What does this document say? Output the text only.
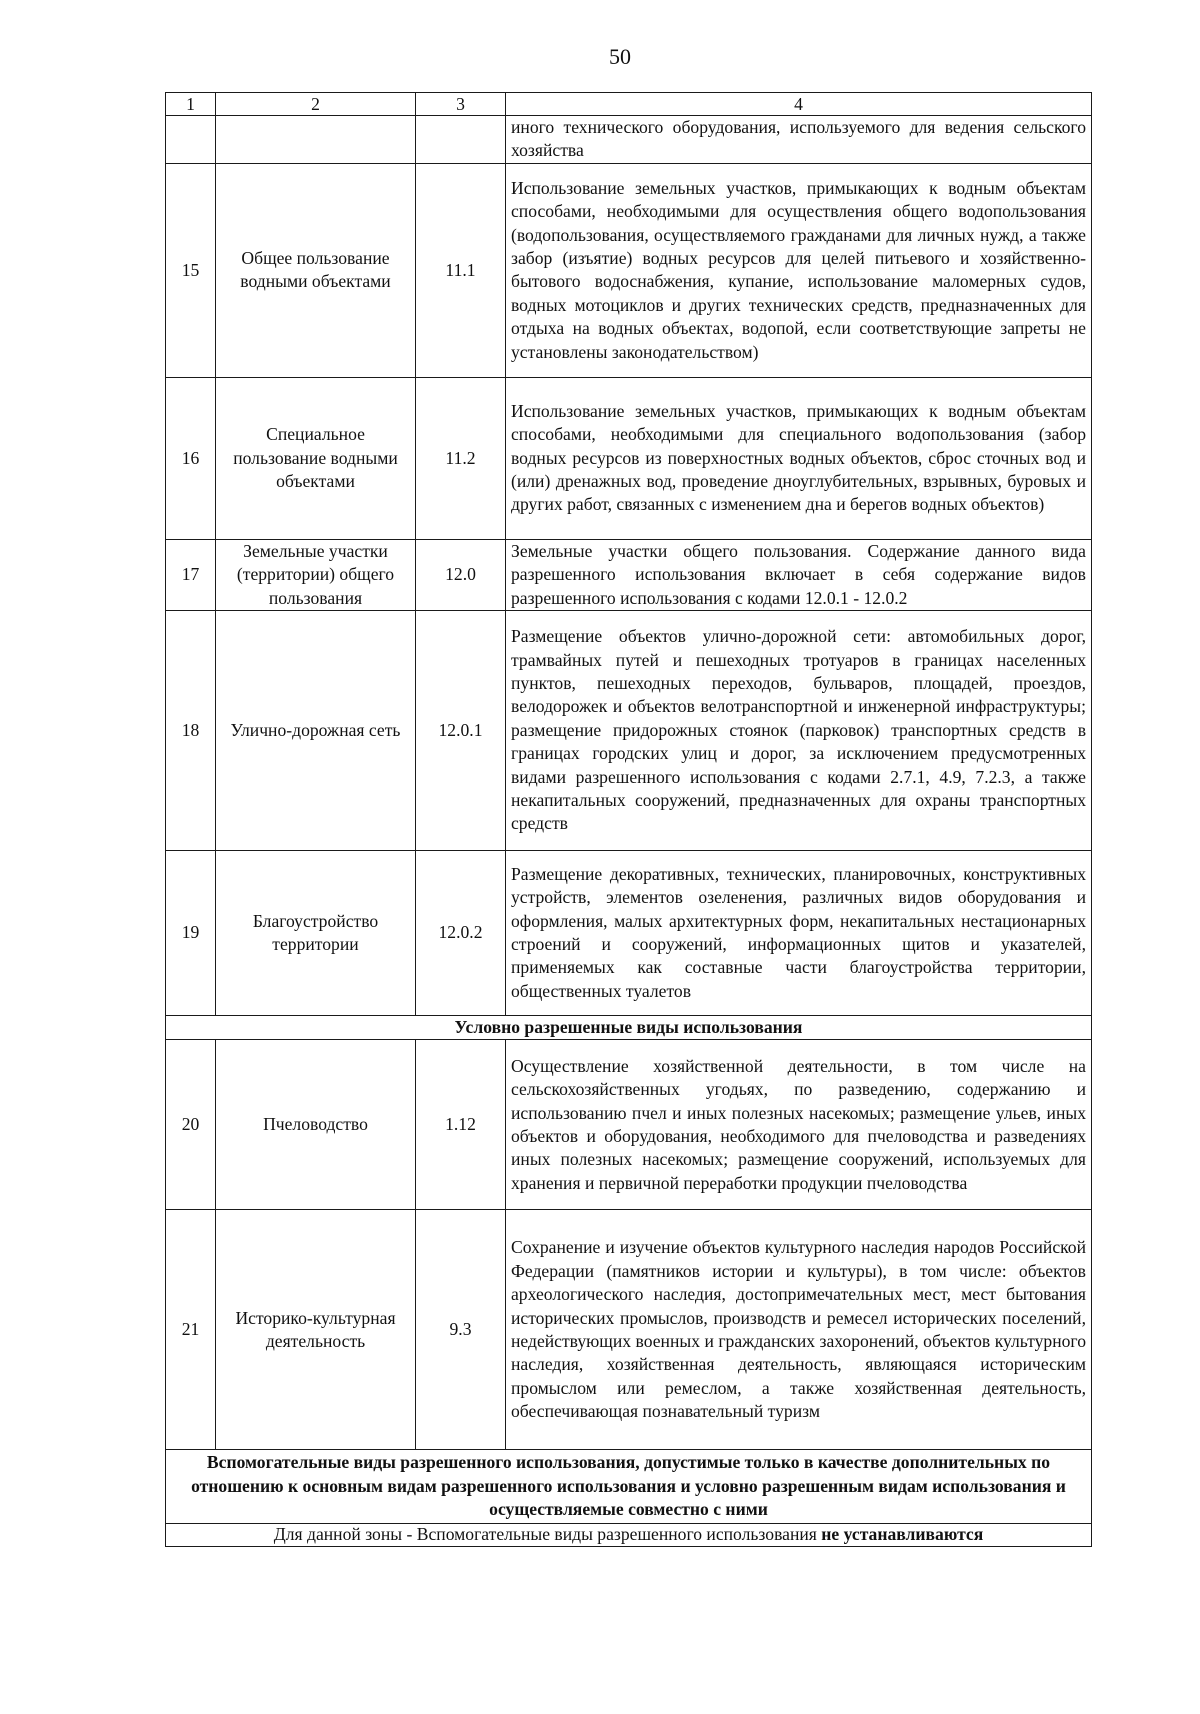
50
1	2	3	4
			иного технического оборудования, используемого для ведения сельского хозяйства
15	Общее пользование водными объектами	11.1	Использование земельных участков, примыкающих к водным объектам способами, необходимыми для осуществления общего водопользования (водопользования, осуществляемого гражданами для личных нужд, а также забор (изъятие) водных ресурсов для целей питьевого и хозяйственно-бытового водоснабжения, купание, использование маломерных судов, водных мотоциклов и других технических средств, предназначенных для отдыха на водных объектах, водопой, если соответствующие запреты не установлены законодательством)
16	Специальное пользование водными объектами	11.2	Использование земельных участков, примыкающих к водным объектам способами, необходимыми для специального водопользования (забор водных ресурсов из поверхностных водных объектов, сброс сточных вод и (или) дренажных вод, проведение дноуглубительных, взрывных, буровых и других работ, связанных с изменением дна и берегов водных объектов)
17	Земельные участки (территории) общего пользования	12.0	Земельные участки общего пользования. Содержание данного вида разрешенного использования включает в себя содержание видов разрешенного использования с кодами 12.0.1 - 12.0.2
18	Улично-дорожная сеть	12.0.1	Размещение объектов улично-дорожной сети: автомобильных дорог, трамвайных путей и пешеходных тротуаров в границах населенных пунктов, пешеходных переходов, бульваров, площадей, проездов, велодорожек и объектов велотранспортной и инженерной инфраструктуры; размещение придорожных стоянок (парковок) транспортных средств в границах городских улиц и дорог, за исключением предусмотренных видами разрешенного использования с кодами 2.7.1, 4.9, 7.2.3, а также некапитальных сооружений, предназначенных для охраны транспортных средств
19	Благоустройство территории	12.0.2	Размещение декоративных, технических, планировочных, конструктивных устройств, элементов озеленения, различных видов оборудования и оформления, малых архитектурных форм, некапитальных нестационарных строений и сооружений, информационных щитов и указателей, применяемых как составные части благоустройства территории, общественных туалетов
Условно разрешенные виды использования			
20	Пчеловодство	1.12	Осуществление хозяйственной деятельности, в том числе на сельскохозяйственных угодьях, по разведению, содержанию и использованию пчел и иных полезных насекомых; размещение ульев, иных объектов и оборудования, необходимого для пчеловодства и разведениях иных полезных насекомых; размещение сооружений, используемых для хранения и первичной переработки продукции пчеловодства
21	Историко-культурная деятельность	9.3	Сохранение и изучение объектов культурного наследия народов Российской Федерации (памятников истории и культуры), в том числе: объектов археологического наследия, достопримечательных мест, мест бытования исторических промыслов, производств и ремесел исторических поселений, недействующих военных и гражданских захоронений, объектов культурного наследия, хозяйственная деятельность, являющаяся историческим промыслом или ремеслом, а также хозяйственная деятельность, обеспечивающая познавательный туризм
Вспомогательные виды разрешенного использования, допустимые только в качестве дополнительных по отношению к основным видам разрешенного использования и условно разрешенным видам использования и осуществляемые совместно с ними			
Для данной зоны - Вспомогательные виды разрешенного использования не устанавливаются			
